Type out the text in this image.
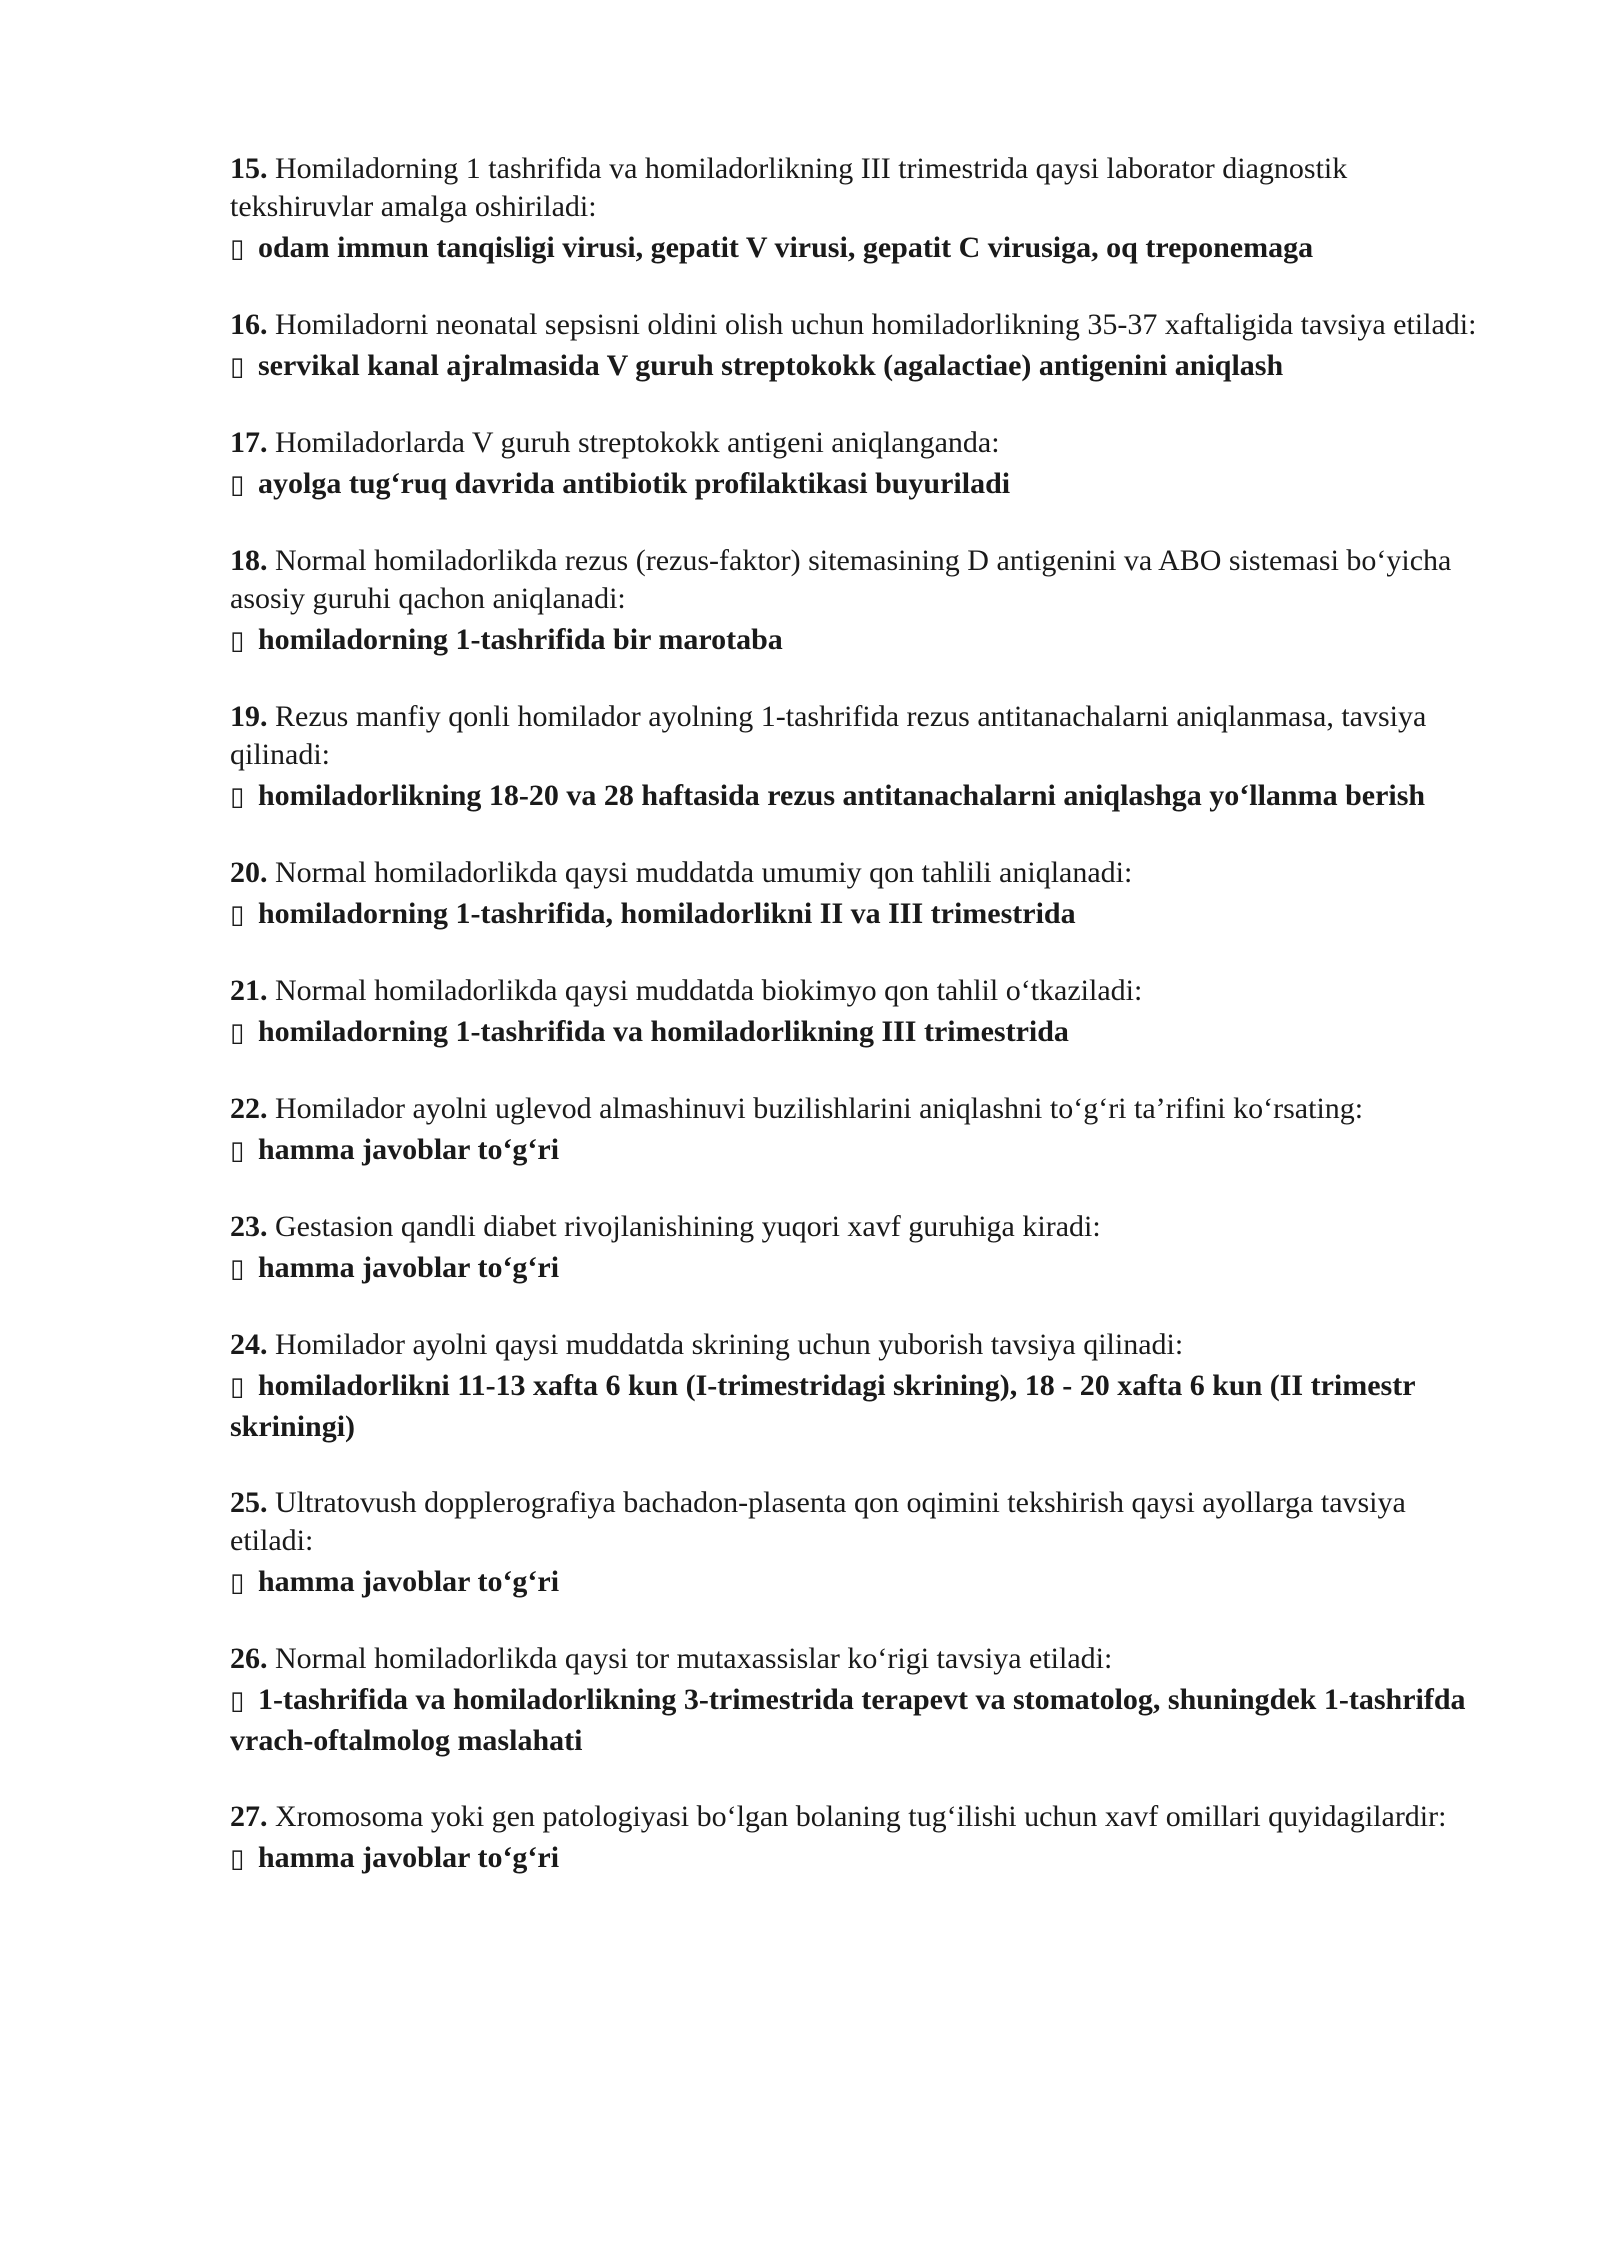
15. Homiladorning 1 tashrifida va homiladorlikning III trimestrida qaysi laborator diagnostik tekshiruvlar amalga oshiriladi:

▯ odam immun tanqisligi virusi, gepatit V virusi, gepatit C virusiga, oq treponemaga

16. Homiladorni neonatal sepsisni oldini olish uchun homiladorlikning 35-37 xaftaligida tavsiya etiladi:

▯ servikal kanal ajralmasida V guruh streptokokk (agalactiae) antigenini aniqlash

17. Homiladorlarda V guruh streptokokk antigeni aniqlanganda:

▯ ayolga tug‘ruq davrida antibiotik profilaktikasi buyuriladi

18. Normal homiladorlikda rezus (rezus-faktor) sitemasining D antigenini va ABO sistemasi bo‘yicha asosiy guruhi qachon aniqlanadi:

▯ homiladorning 1-tashrifida bir marotaba

19. Rezus manfiy qonli homilador ayolning 1-tashrifida rezus antitanachalarni aniqlanmasa, tavsiya qilinadi:

▯ homiladorlikning 18-20 va 28 haftasida rezus antitanachalarni aniqlashga yo‘llanma berish

20. Normal homiladorlikda qaysi muddatda umumiy qon tahlili aniqlanadi:

▯ homiladorning 1-tashrifida, homiladorlikni II va III trimestrida

21. Normal homiladorlikda qaysi muddatda biokimyo qon tahlil o‘tkaziladi:

▯ homiladorning 1-tashrifida va homiladorlikning III trimestrida

22. Homilador ayolni uglevod almashinuvi buzilishlarini aniqlashni to‘g‘ri ta’rifini ko‘rsating:

▯ hamma javoblar to‘g‘ri

23. Gestasion qandli diabet rivojlanishining yuqori xavf guruhiga kiradi:

▯ hamma javoblar to‘g‘ri

24. Homilador ayolni qaysi muddatda skrining uchun yuborish tavsiya qilinadi:

▯ homiladorlikni 11-13 xafta 6 kun (I-trimestridagi skrining), 18 - 20 xafta 6 kun (II trimestr skriningi)

25. Ultratovush dopplerografiya bachadon-plasenta qon oqimini tekshirish qaysi ayollarga tavsiya etiladi:

▯ hamma javoblar to‘g‘ri

26. Normal homiladorlikda qaysi tor mutaxassislar ko‘rigi tavsiya etiladi:

▯ 1-tashrifida va homiladorlikning 3-trimestrida terapevt va stomatolog, shuningdek 1-tashrifda vrach-oftalmolog maslahati

27. Xromosoma yoki gen patologiyasi bo‘lgan bolaning tug‘ilishi uchun xavf omillari quyidagilardir:

▯ hamma javoblar to‘g‘ri
